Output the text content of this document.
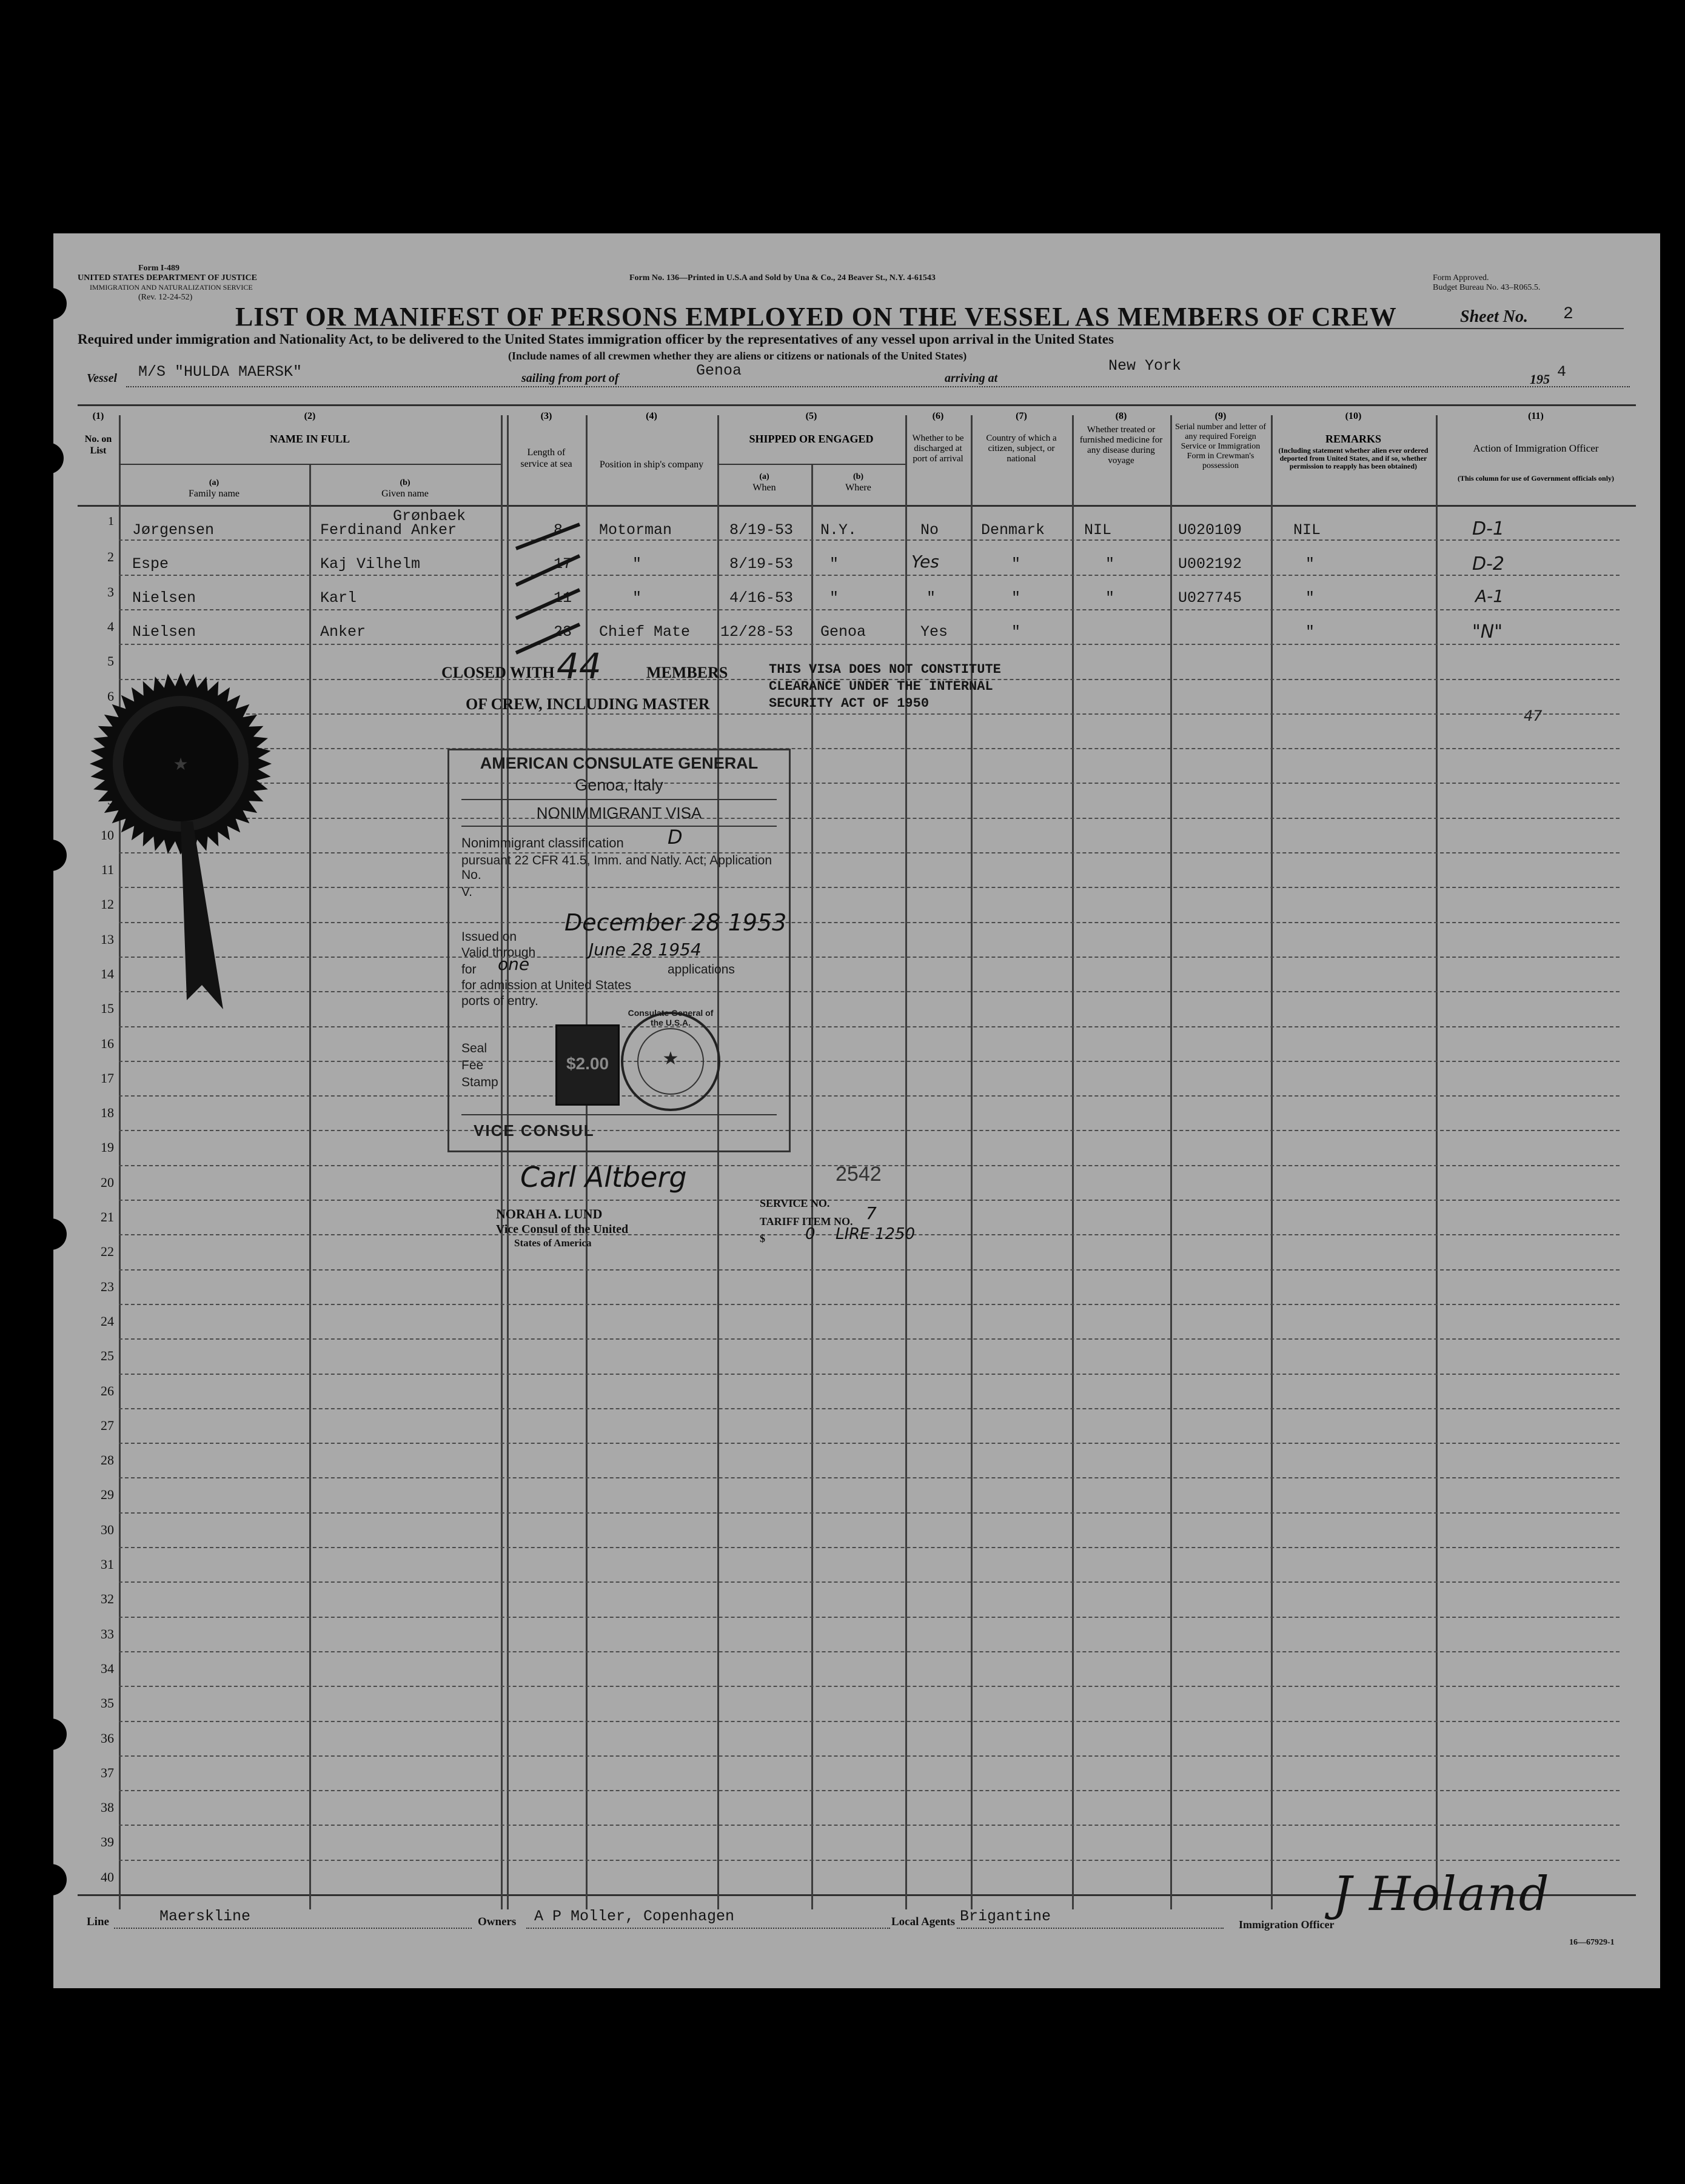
Form I-489
UNITED STATES DEPARTMENT OF JUSTICE
IMMIGRATION AND NATURALIZATION SERVICE
(Rev. 12-24-52)
Form No. 136—Printed in U.S.A and Sold by Una & Co., 24 Beaver St., N.Y. 4-61543	Form Approved.
Budget Bureau No. 43–R065.5.
LIST OR MANIFEST OF PERSONS EMPLOYED ON THE VESSEL AS MEMBERS OF CREW	Sheet No. 2
Required under immigration and Nationality Act, to be delivered to the United States immigration officer by the representatives of any vessel upon arrival in the United States
(Include names of all crewmen whether they are aliens or citizens or nationals of the United States)
Vessel M/S "HULDA MAERSK"	sailing from port of	Genoa	arriving at
New York
195 4
(1)
No. on List
(2)
NAME IN FULL
(a)
Family name
(b)
Given name
(3)
Length of service at sea
(4)
Position in ship's company
(5)
SHIPPED OR ENGAGED
(a)
When
(b)
Where
(6)
Whether to be discharged at port of arrival
(7)
Country of which a citizen, subject, or national
(8)
Whether treated or furnished medicine for any disease during voyage
(9)
Serial number and letter of any required Foreign Service or Immigration Form in Crewman's possession
(10)
REMARKS
(Including statement whether alien ever ordered deported from United States, and if so, whether permission to reapply has been obtained)
(11)
Action of Immigration Officer
(This column for use of Government officials only)
2
3
4
5
6
10
11
12
13
14
15
16
17
18
19
20
21
22
23
24
25
26
27
28
29
30
31
32
33
34
35
36
37
38
39
40
1 Jørgensen
Grønbaek
Ferdinand Anker	8 Motorman	8/19-53 N.Y.	No	Denmark	NIL	U020109	NIL	D-1
Espe	Kaj Vilhelm	17	"	8/19-53 "	Yes	"	"	U002192	"	D-2
Nielsen	Karl	11	"	4/16-53 "	"	"	"	U027745	"	A-1
Nielsen	Anker	23 Chief Mate 12/28-53 Genoa	Yes	"	"	"N"
CLOSED WITH 44	MEMBERS
OF CREW, INCLUDING MASTER
THIS VISA DOES NOT CONSTITUTE CLEARANCE UNDER THE INTERNAL SECURITY ACT OF 1950
47
★	AMERICAN CONSULATE GENERAL
Genoa, Italy
NONIMMIGRANT VISA
Nonimmigrant classification D
pursuant 22 CFR 41.5, Imm. and Natly. Act; Application No.
V.
Issued on
December 28 1953
Valid through	June 28 1954
for one	applications
for admission at United States
ports of entry.
Seal
Fee
Stamp
$2.00	★
Consulate General of the U.S.A.
VICE CONSUL
Carl Altberg
NORAH A. LUND
Vice Consul of the United
States of America
SERVICE NO.
2542
TARIFF ITEM NO. 7
$	0 LIRE 1250
Line	Maerskline	Owners A P Moller, Copenhagen	Local Agents Brigantine	Immigration Officer
J Holand
16—67929-1
